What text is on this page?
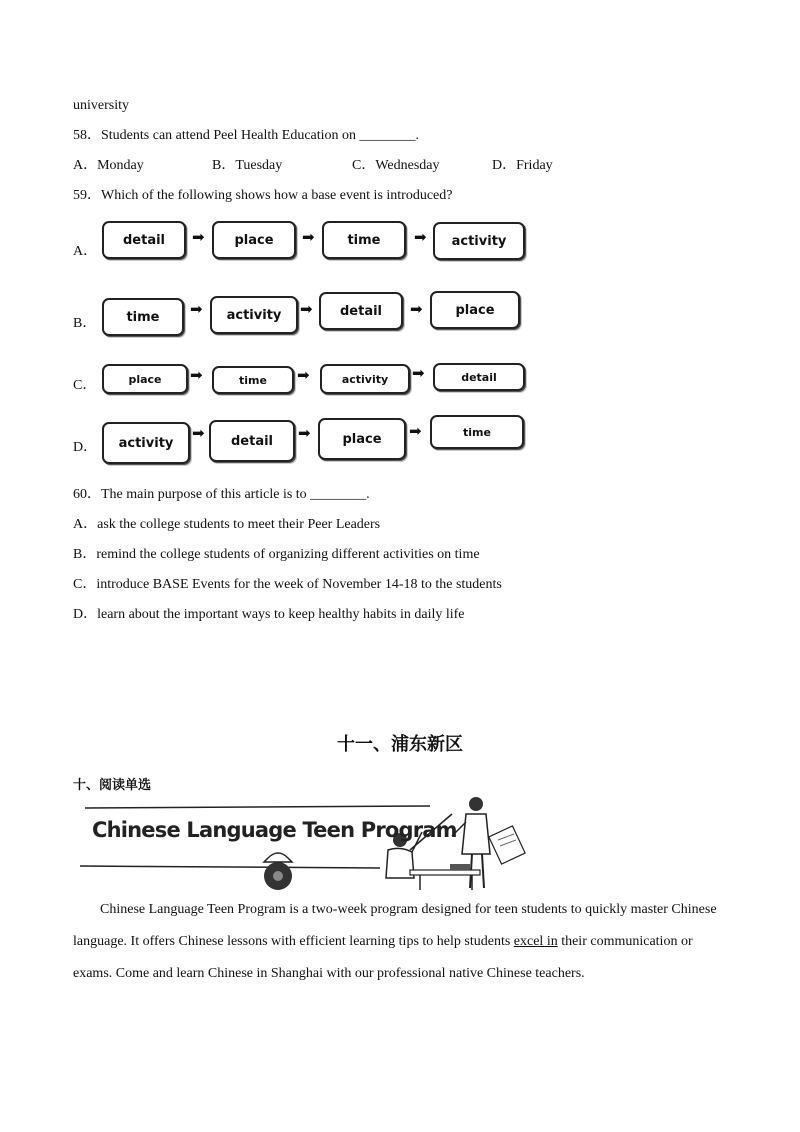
university
58．Students can attend Peel Health Education on ________.
A．Monday	B．Tuesday	C．Wednesday	D．Friday
59．Which of the following shows how a base event is introduced?
A．
detail	➡	place	➡	time	➡	activity
B．	time	➡	activity	➡	detail	➡	place
C．	place	➡	time	➡	activity	➡	detail
D．	activity
➡	detail	➡	place	➡	time
60．The main purpose of this article is to ________.
A．ask the college students to meet their Peer Leaders
B．remind the college students of organizing different activities on time
C．introduce BASE Events for the week of November 14-18 to the students
D．learn about the important ways to keep healthy habits in daily life
十一、浦东新区
十、阅读单选
Chinese Language Teen Program
Chinese Language Teen Program is a two-week program designed for teen students to quickly master Chinese
language. It offers Chinese lessons with efficient learning tips to help students excel in their communication or
exams. Come and learn Chinese in Shanghai with our professional native Chinese teachers.
